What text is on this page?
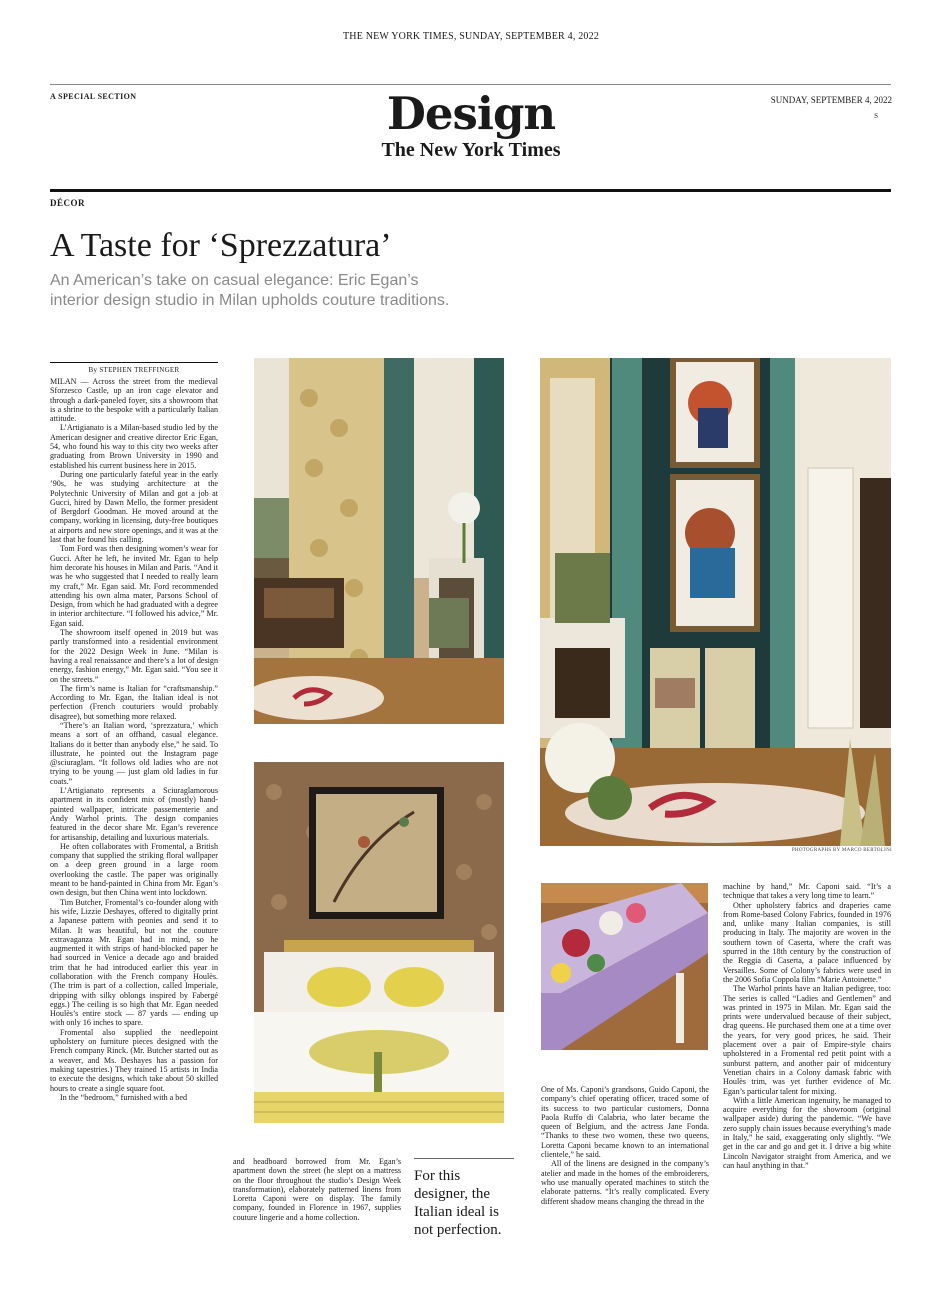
THE NEW YORK TIMES, SUNDAY, SEPTEMBER 4, 2022
A SPECIAL SECTION	Design
The New York Times
SUNDAY, SEPTEMBER 4, 2022
S
DÉCOR
A Taste for ‘Sprezzatura’
An American’s take on casual elegance: Eric Egan’s interior design studio in Milan upholds couture traditions.
By STEPHEN TREFFINGER

MILAN — Across the street from the medieval Sforzesco Castle, up an iron cage elevator and through a dark-paneled foyer, sits a showroom that is a shrine to the bespoke with a particularly Italian attitude.

L’Artigianato is a Milan-based studio led by the American designer and creative director Eric Egan, 54, who found his way to this city two weeks after graduating from Brown University in 1990 and established his current business here in 2015.

During one particularly fateful year in the early ’90s, he was studying architecture at the Polytechnic University of Milan and got a job at Gucci, hired by Dawn Mello, the former president of Bergdorf Goodman. He moved around at the company, working in licensing, duty-free boutiques at airports and new store openings, and it was at the last that he found his calling.

Tom Ford was then designing women’s wear for Gucci. After he left, he invited Mr. Egan to help him decorate his houses in Milan and Paris. “And it was he who suggested that I needed to really learn my craft,” Mr. Egan said. Mr. Ford recommended attending his own alma mater, Parsons School of Design, from which he had graduated with a degree in interior architecture. “I followed his advice,” Mr. Egan said.

The showroom itself opened in 2019 but was partly transformed into a residential environment for the 2022 Design Week in June. “Milan is having a real renaissance and there’s a lot of design energy, fashion energy,” Mr. Egan said. “You see it on the streets.”

The firm’s name is Italian for “craftsmanship.” According to Mr. Egan, the Italian ideal is not perfection (French couturiers would probably disagree), but something more relaxed.

“There’s an Italian word, ‘sprezzatura,’ which means a sort of an offhand, casual elegance. Italians do it better than anybody else,” he said. To illustrate, he pointed out the Instagram page @sciuraglam. “It follows old ladies who are not trying to be young — just glam old ladies in fur coats.”

L’Artigianato represents a Sciuraglamorous apartment in its confident mix of (mostly) hand-painted wallpaper, intricate passementerie and Andy Warhol prints. The design companies featured in the decor share Mr. Egan’s reverence for artisanship, detailing and luxurious materials.

He often collaborates with Fromental, a British company that supplied the striking floral wallpaper on a deep green ground in a large room overlooking the castle. The paper was originally meant to be hand-painted in China from Mr. Egan’s own design, but then China went into lockdown.

Tim Butcher, Fromental’s co-founder along with his wife, Lizzie Deshayes, offered to digitally print a Japanese pattern with peonies and send it to Milan. It was beautiful, but not the couture extravaganza Mr. Egan had in mind, so he augmented it with strips of hand-blocked paper he had sourced in Venice a decade ago and braided trim that he had introduced earlier this year in collaboration with the French company Houlès. (The trim is part of a collection, called Imperiale, dripping with silky oblongs inspired by Fabergé eggs.) The ceiling is so high that Mr. Egan needed Houlès’s entire stock — 87 yards — ending up with only 16 inches to spare.

Fromental also supplied the needlepoint upholstery on furniture pieces designed with the French company Rinck. (Mr. Butcher started out as a weaver, and Ms. Deshayes has a passion for making tapestries.) They trained 15 artists in India to execute the designs, which take about 50 skilled hours to create a single square foot.

In the “bedroom,” furnished with a bed

PHOTOGRAPHS BY MARCO BERTOLINI

and headboard borrowed from Mr. Egan’s apartment down the street (he slept on a mattress on the floor throughout the studio’s Design Week transformation), elaborately patterned linens from Loretta Caponi were on display. The family company, founded in Florence in 1967, supplies couture lingerie and a home collection.

For this designer, the Italian ideal is not perfection.

One of Ms. Caponi’s grandsons, Guido Caponi, the company’s chief operating officer, traced some of its success to two particular customers, Donna Paola Ruffo di Calabria, who later became the queen of Belgium, and the actress Jane Fonda. “Thanks to these two women, these two queens, Loretta Caponi became known to an international clientele,” he said.

All of the linens are designed in the company’s atelier and made in the homes of the embroiderers, who use manually operated machines to stitch the elaborate patterns. “It’s really complicated. Every different shadow means changing the thread in the

machine by hand,” Mr. Caponi said. “It’s a technique that takes a very long time to learn.”

Other upholstery fabrics and draperies came from Rome-based Colony Fabrics, founded in 1976 and, unlike many Italian companies, is still producing in Italy. The majority are woven in the southern town of Caserta, where the craft was spurred in the 18th century by the construction of the Reggia di Caserta, a palace influenced by Versailles. Some of Colony’s fabrics were used in the 2006 Sofia Coppola film “Marie Antoinette.”

The Warhol prints have an Italian pedigree, too: The series is called “Ladies and Gentlemen” and was printed in 1975 in Milan. Mr. Egan said the prints were undervalued because of their subject, drag queens. He purchased them one at a time over the years, for very good prices, he said. Their placement over a pair of Empire-style chairs upholstered in a Fromental red petit point with a sunburst pattern, and another pair of midcentury Venetian chairs in a Colony damask fabric with Houlès trim, was yet further evidence of Mr. Egan’s particular talent for mixing.

With a little American ingenuity, he managed to acquire everything for the showroom (original wallpaper aside) during the pandemic. “We have zero supply chain issues because everything’s made in Italy,” he said, exaggerating only slightly. “We get in the car and go and get it. I drive a big white Lincoln Navigator straight from America, and we can haul anything in that.”
